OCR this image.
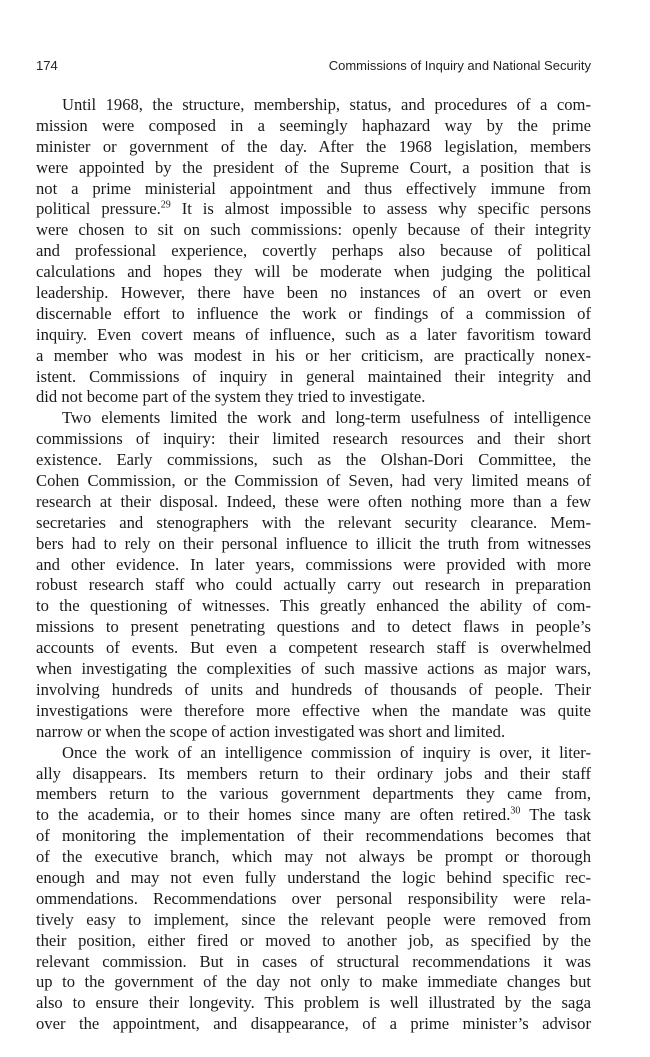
174	Commissions of Inquiry and National Security
Until 1968, the structure, membership, status, and procedures of a com-
mission were composed in a seemingly haphazard way by the prime
minister or government of the day. After the 1968 legislation, members
were appointed by the president of the Supreme Court, a position that is
not a prime ministerial appointment and thus effectively immune from
political pressure.$^{29}$ It is almost impossible to assess why specific persons
were chosen to sit on such commissions: openly because of their integrity
and professional experience, covertly perhaps also because of political
calculations and hopes they will be moderate when judging the political
leadership. However, there have been no instances of an overt or even
discernable effort to influence the work or findings of a commission of
inquiry. Even covert means of influence, such as a later favoritism toward
a member who was modest in his or her criticism, are practically nonex-
istent. Commissions of inquiry in general maintained their integrity and
did not become part of the system they tried to investigate.
Two elements limited the work and long-term usefulness of intelligence
commissions of inquiry: their limited research resources and their short
existence. Early commissions, such as the Olshan-Dori Committee, the
Cohen Commission, or the Commission of Seven, had very limited means of
research at their disposal. Indeed, these were often nothing more than a few
secretaries and stenographers with the relevant security clearance. Mem-
bers had to rely on their personal influence to illicit the truth from witnesses
and other evidence. In later years, commissions were provided with more
robust research staff who could actually carry out research in preparation
to the questioning of witnesses. This greatly enhanced the ability of com-
missions to present penetrating questions and to detect flaws in people’s
accounts of events. But even a competent research staff is overwhelmed
when investigating the complexities of such massive actions as major wars,
involving hundreds of units and hundreds of thousands of people. Their
investigations were therefore more effective when the mandate was quite
narrow or when the scope of action investigated was short and limited.
Once the work of an intelligence commission of inquiry is over, it liter-
ally disappears. Its members return to their ordinary jobs and their staff
members return to the various government departments they came from,
to the academia, or to their homes since many are often retired.$^{30}$ The task
of monitoring the implementation of their recommendations becomes that
of the executive branch, which may not always be prompt or thorough
enough and may not even fully understand the logic behind specific rec-
ommendations. Recommendations over personal responsibility were rela-
tively easy to implement, since the relevant people were removed from
their position, either fired or moved to another job, as specified by the
relevant commission. But in cases of structural recommendations it was
up to the government of the day not only to make immediate changes but
also to ensure their longevity. This problem is well illustrated by the saga
over the appointment, and disappearance, of a prime minister’s advisor
